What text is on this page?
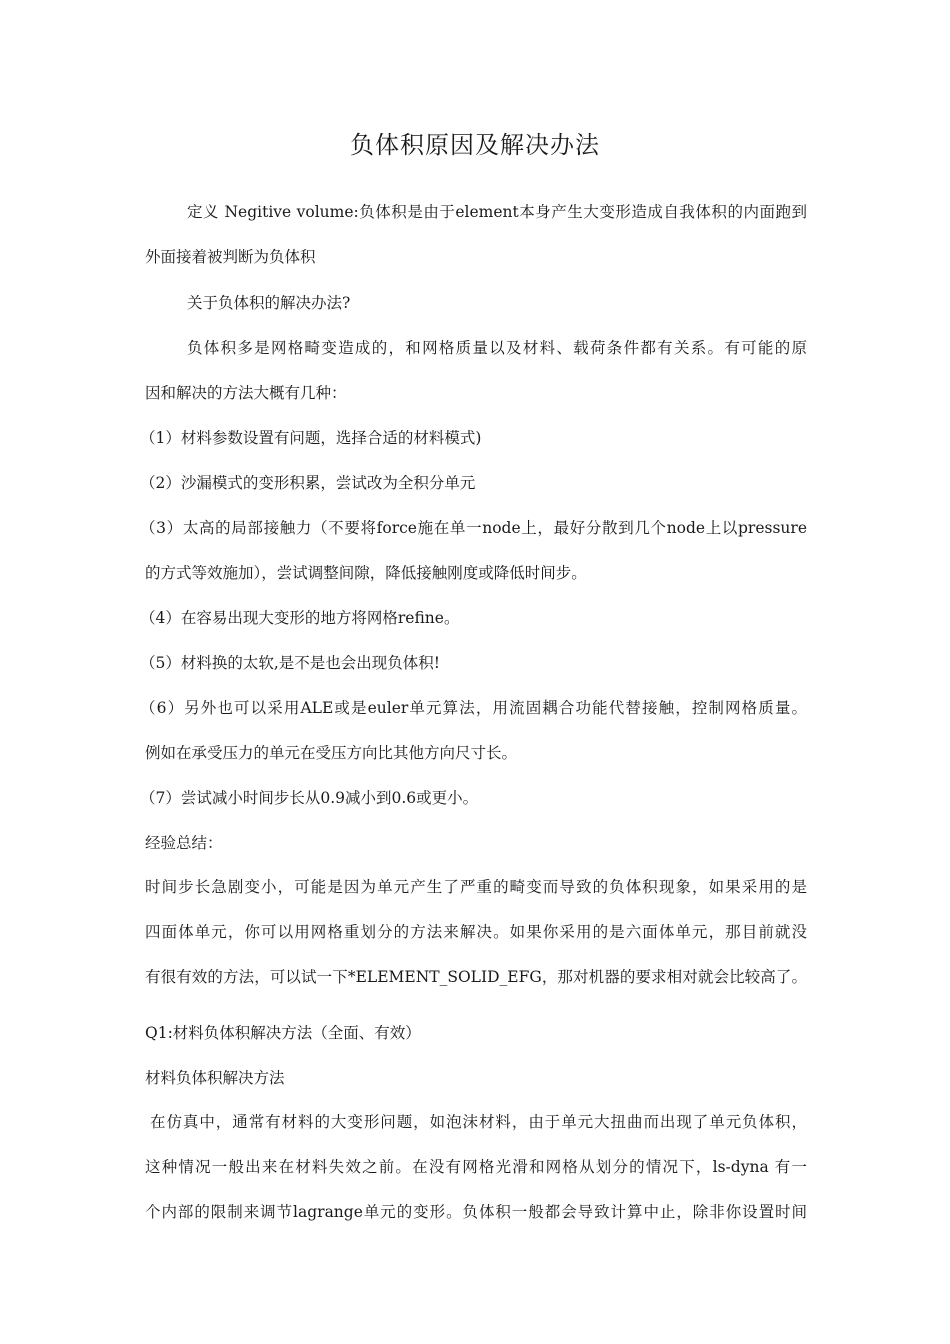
负体积原因及解决办法
定义 Negitive volume:负体积是由于element本身产生大变形造成自我体积的内面跑到
外面接着被判断为负体积
关于负体积的解决办法?
负体积多是网格畸变造成的，和网格质量以及材料、载荷条件都有关系。有可能的原
因和解决的方法大概有几种：
（1）材料参数设置有问题，选择合适的材料模式)
（2）沙漏模式的变形积累，尝试改为全积分单元
（3）太高的局部接触力（不要将force施在单一node上，最好分散到几个node上以pressure
的方式等效施加），尝试调整间隙，降低接触刚度或降低时间步。
（4）在容易出现大变形的地方将网格refine。
（5）材料换的太软,是不是也会出现负体积!
（6）另外也可以采用ALE或是euler单元算法，用流固耦合功能代替接触，控制网格质量。
例如在承受压力的单元在受压方向比其他方向尺寸长。
（7）尝试减小时间步长从0.9减小到0.6或更小。
经验总结：
时间步长急剧变小，可能是因为单元产生了严重的畸变而导致的负体积现象，如果采用的是
四面体单元，你可以用网格重划分的方法来解决。如果你采用的是六面体单元，那目前就没
有很有效的方法，可以试一下*ELEMENT_SOLID_EFG，那对机器的要求相对就会比较高了。
Q1:材料负体积解决方法（全面、有效）
材料负体积解决方法
在仿真中，通常有材料的大变形问题，如泡沫材料，由于单元大扭曲而出现了单元负体积，
这种情况一般出来在材料失效之前。在没有网格光滑和网格从划分的情况下，ls-dyna 有一
个内部的限制来调节lagrange单元的变形。负体积一般都会导致计算中止，除非你设置时间
